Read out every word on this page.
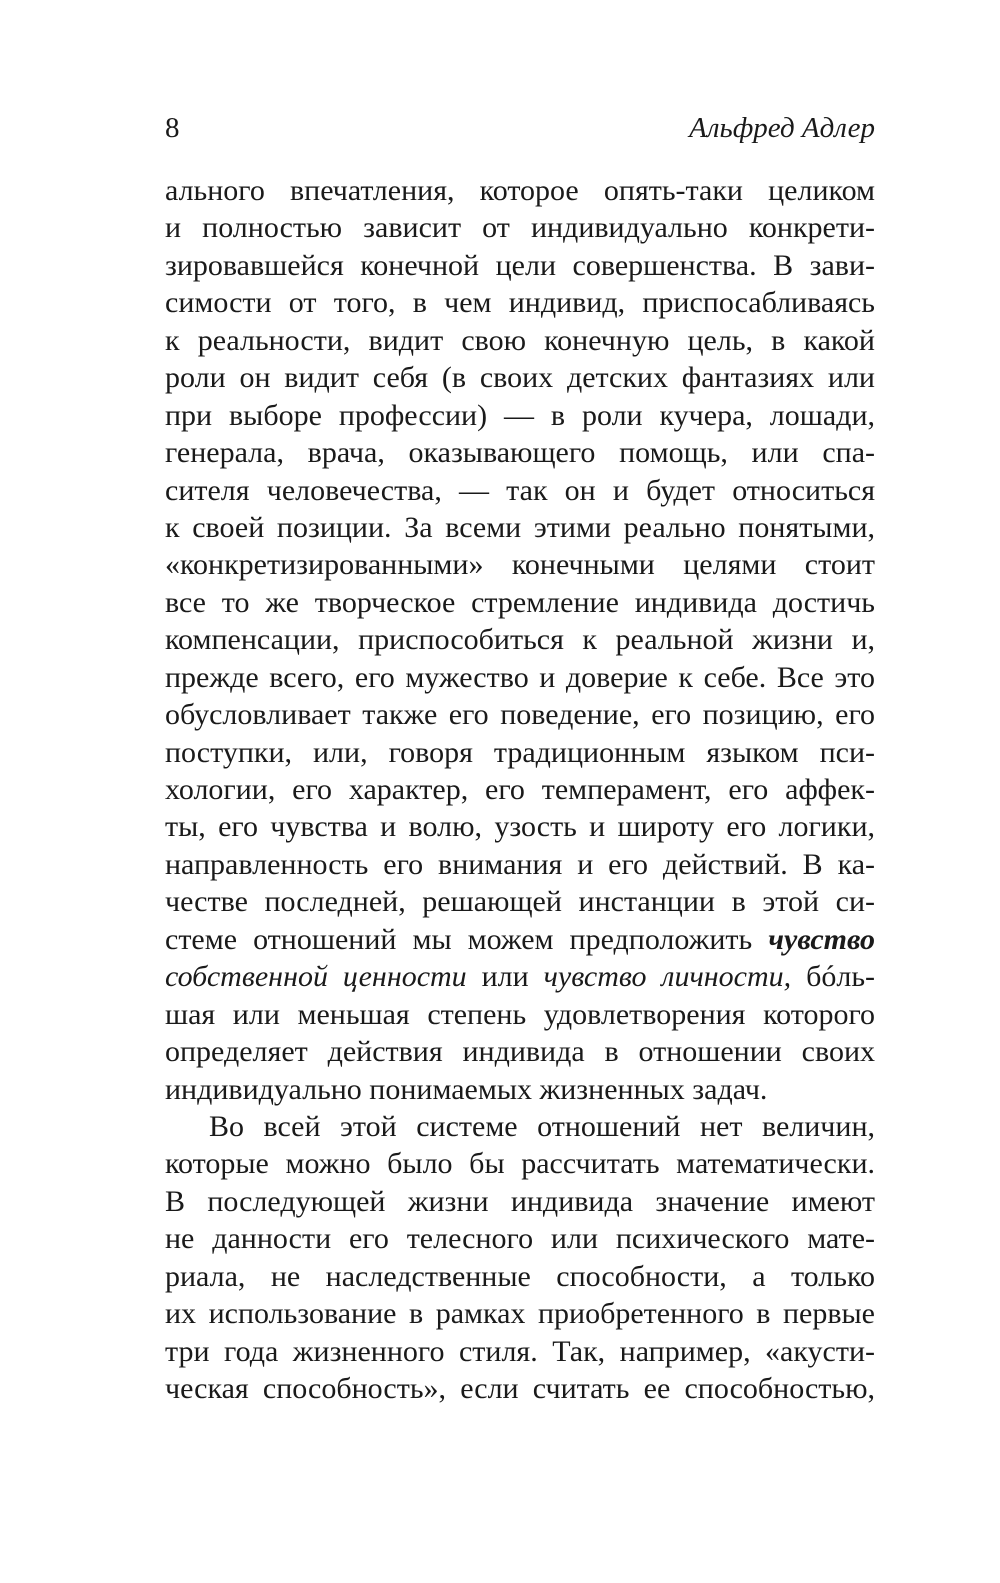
8	Альфред Адлер
ального впечатления, которое опять-таки целиком
и полностью зависит от индивидуально конкрети-
зировавшейся конечной цели совершенства. В зави-
симости от того, в чем индивид, приспосабливаясь
к реальности, видит свою конечную цель, в какой
роли он видит себя (в своих детских фантазиях или
при выборе профессии) — в роли кучера, лошади,
генерала, врача, оказывающего помощь, или спа-
сителя человечества, — так он и будет относиться
к своей позиции. За всеми этими реально понятыми,
«конкретизированными» конечными целями стоит
все то же творческое стремление индивида достичь
компенсации, приспособиться к реальной жизни и,
прежде всего, его мужество и доверие к себе. Все это
обусловливает также его поведение, его позицию, его
поступки, или, говоря традиционным языком пси-
хологии, его характер, его темперамент, его аффек-
ты, его чувства и волю, узость и широту его логики,
направленность его внимания и его действий. В ка-
честве последней, решающей инстанции в этой си-
стеме отношений мы можем предположить чувство
собственной ценности или чувство личности, бóль-
шая или меньшая степень удовлетворения которого
определяет действия индивида в отношении своих
индивидуально понимаемых жизненных задач.
Во всей этой системе отношений нет величин,
которые можно было бы рассчитать математически.
В последующей жизни индивида значение имеют
не данности его телесного или психического мате-
риала, не наследственные способности, а только
их использование в рамках приобретенного в первые
три года жизненного стиля. Так, например, «акусти-
ческая способность», если считать ее способностью,
